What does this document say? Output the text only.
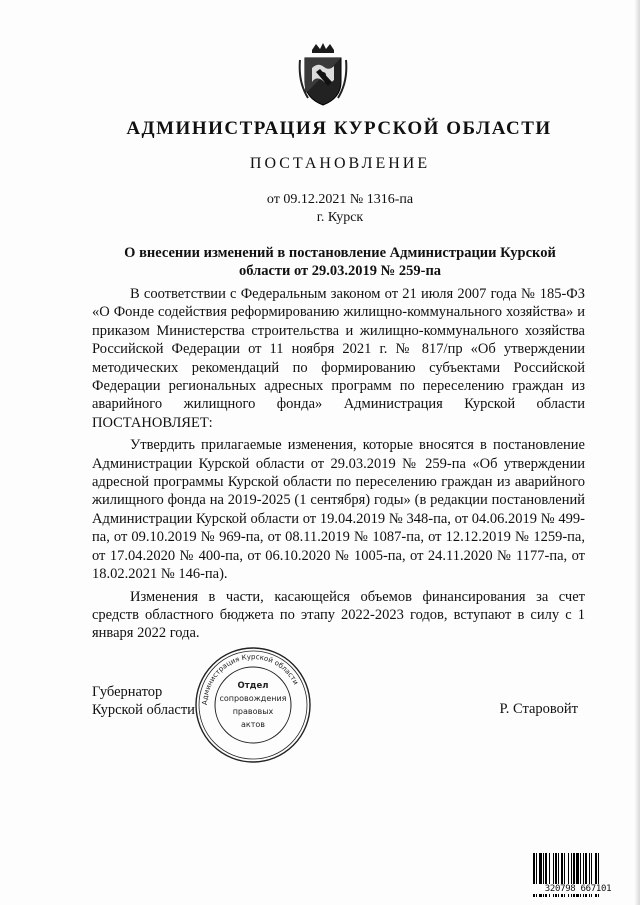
АДМИНИСТРАЦИЯ КУРСКОЙ ОБЛАСТИ
ПОСТАНОВЛЕНИЕ
от 09.12.2021 № 1316-па
г. Курск
О внесении изменений в постановление Администрации Курской
области от 29.03.2019 № 259-па

В соответствии с Федеральным законом от 21 июля 2007 года № 185-ФЗ «О Фонде содействия реформированию жилищно-коммунального хозяйства» и приказом Министерства строительства и жилищно-коммунального хозяйства Российской Федерации от 11 ноября 2021 г. № 817/пр «Об утверждении методических рекомендаций по формированию субъектами Российской Федерации региональных адресных программ по переселению граждан из аварийного жилищного фонда» Администрация Курской области ПОСТАНОВЛЯЕТ:

Утвердить прилагаемые изменения, которые вносятся в постановление Администрации Курской области от 29.03.2019 № 259-па «Об утверждении адресной программы Курской области по переселению граждан из аварийного жилищного фонда на 2019-2025 (1 сентября) годы» (в редакции постановлений Администрации Курской области от 19.04.2019 № 348-па, от 04.06.2019 № 499-па, от 09.10.2019 № 969-па, от 08.11.2019 № 1087-па, от 12.12.2019 № 1259-па, от 17.04.2020 № 400-па, от 06.10.2020 № 1005-па, от 24.11.2020 № 1177-па, от 18.02.2021 № 146-па).

Изменения в части, касающейся объемов финансирования за счет средств областного бюджета по этапу 2022-2023 годов, вступают в силу с 1 января 2022 года.

Губернатор
Курской области Администрация Курской области
Отдел
сопровождения
правовых
актов
Р. Старовойт
320798 667101
